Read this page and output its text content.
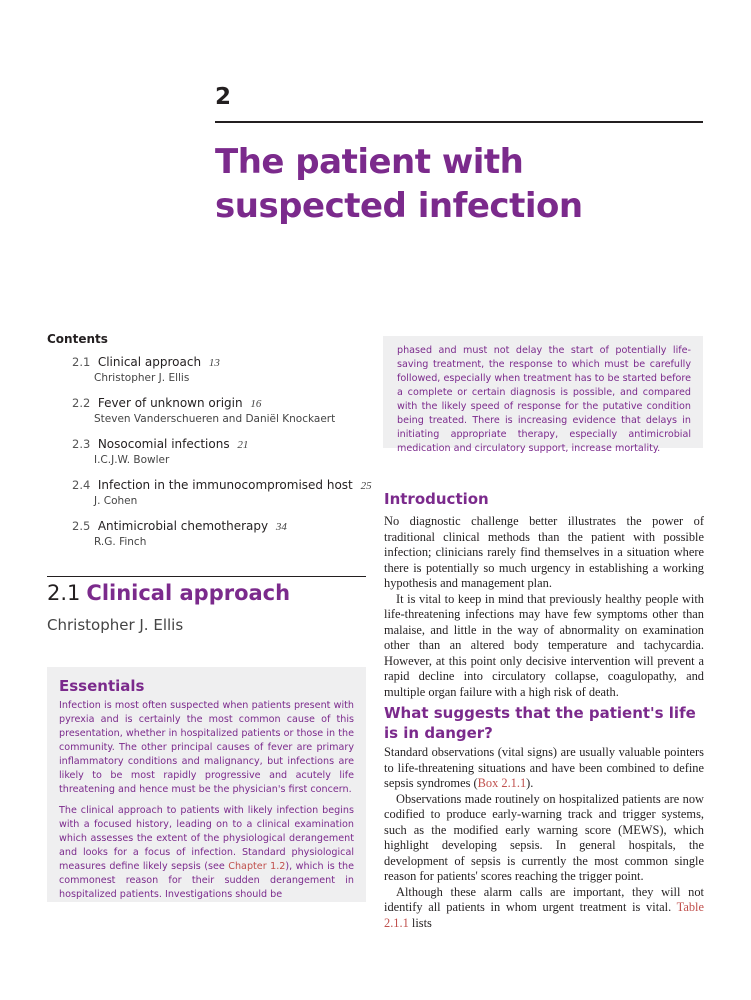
2
The patient with
suspected infection
Contents
2.1 Clinical approach 13
Christopher J. Ellis
2.2 Fever of unknown origin 16
Steven Vanderschueren and Daniël Knockaert
2.3 Nosocomial infections 21
I.C.J.W. Bowler
2.4 Infection in the immunocompromised host 25
J. Cohen
2.5 Antimicrobial chemotherapy 34
R.G. Finch

phased and must not delay the start of potentially life-saving treatment, the response to which must be carefully followed, especially when treatment has to be started before a complete or certain diagnosis is possible, and compared with the likely speed of response for the putative condition being treated. There is increasing evidence that delays in initiating appropriate therapy, especially antimicrobial medication and circulatory support, increase mortality.

2.1 Clinical approach
Christopher J. Ellis
Essentials

Infection is most often suspected when patients present with pyrexia and is certainly the most common cause of this presentation, whether in hospitalized patients or those in the community. The other principal causes of fever are primary inflammatory conditions and malignancy, but infections are likely to be most rapidly progressive and acutely life threatening and hence must be the physician's first concern.

The clinical approach to patients with likely infection begins with a focused history, leading on to a clinical examination which assesses the extent of the physiological derangement and looks for a focus of infection. Standard physiological measures define likely sepsis (see Chapter 1.2), which is the commonest reason for their sudden derangement in hospitalized patients. Investigations should be

Introduction

No diagnostic challenge better illustrates the power of traditional clinical methods than the patient with possible infection; clinicians rarely find themselves in a situation where there is potentially so much urgency in establishing a working hypothesis and management plan.

It is vital to keep in mind that previously healthy people with life-threatening infections may have few symptoms other than malaise, and little in the way of abnormality on examination other than an altered body temperature and tachycardia. However, at this point only decisive intervention will prevent a rapid decline into circulatory collapse, coagulopathy, and multiple organ failure with a high risk of death.

What suggests that the patient's life
is in danger?

Standard observations (vital signs) are usually valuable pointers to life-threatening situations and have been combined to define sepsis syndromes (Box 2.1.1).

Observations made routinely on hospitalized patients are now codified to produce early-warning track and trigger systems, such as the modified early warning score (MEWS), which highlight developing sepsis. In general hospitals, the development of sepsis is currently the most common single reason for patients' scores reaching the trigger point.

Although these alarm calls are important, they will not identify all patients in whom urgent treatment is vital. Table 2.1.1 lists
